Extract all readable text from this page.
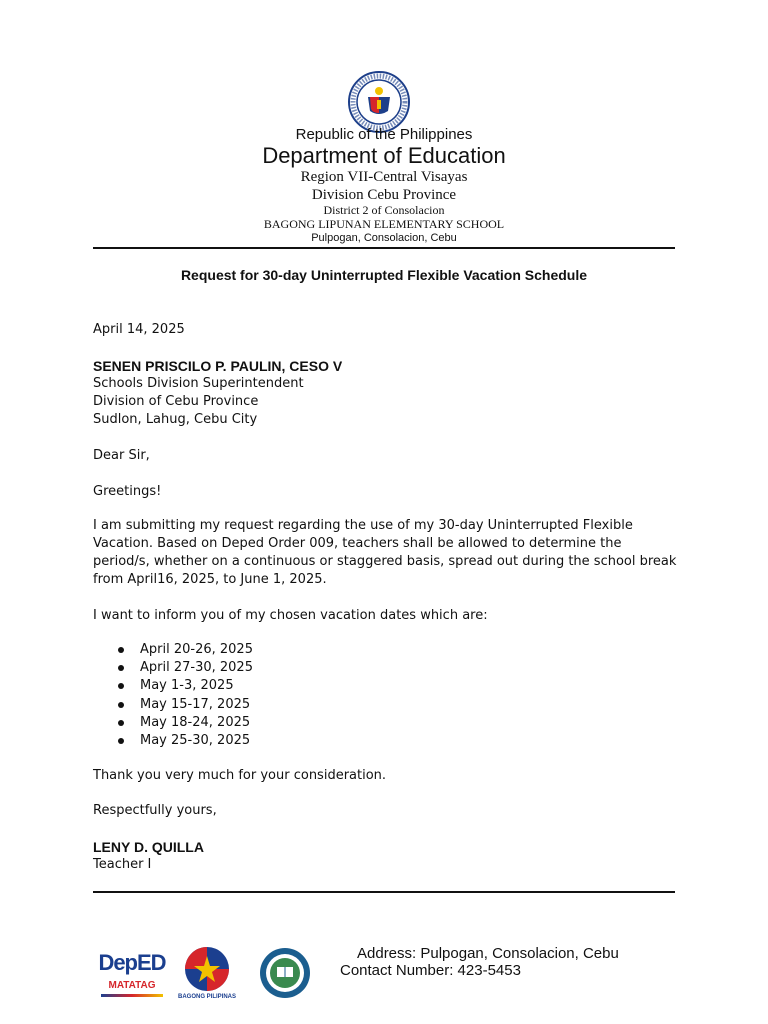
Republic of the Philippines
Department of Education
Region VII-Central Visayas
Division Cebu Province
District 2 of Consolacion
BAGONG LIPUNAN ELEMENTARY SCHOOL
Pulpogan, Consolacion, Cebu
Request for 30-day Uninterrupted Flexible Vacation Schedule
April 14, 2025
SENEN PRISCILO P. PAULIN, CESO V
Schools Division Superintendent
Division of Cebu Province
Sudlon, Lahug, Cebu City
Dear Sir,
Greetings!
I am submitting my request regarding the use of my 30-day Uninterrupted Flexible Vacation. Based on Deped Order 009, teachers shall be allowed to determine the period/s, whether on a continuous or staggered basis, spread out during the school break from April16, 2025, to June 1, 2025.
I want to inform you of my chosen vacation dates which are:
April 20-26, 2025
April 27-30, 2025
May 1-3, 2025
May 15-17, 2025
May 18-24, 2025
May 25-30, 2025
Thank you very much for your consideration.
Respectfully yours,
LENY D. QUILLA
Teacher I
DepED
MATATAG
BAGONG PILIPINAS
Address: Pulpogan, Consolacion, Cebu
Contact Number: 423-5453
